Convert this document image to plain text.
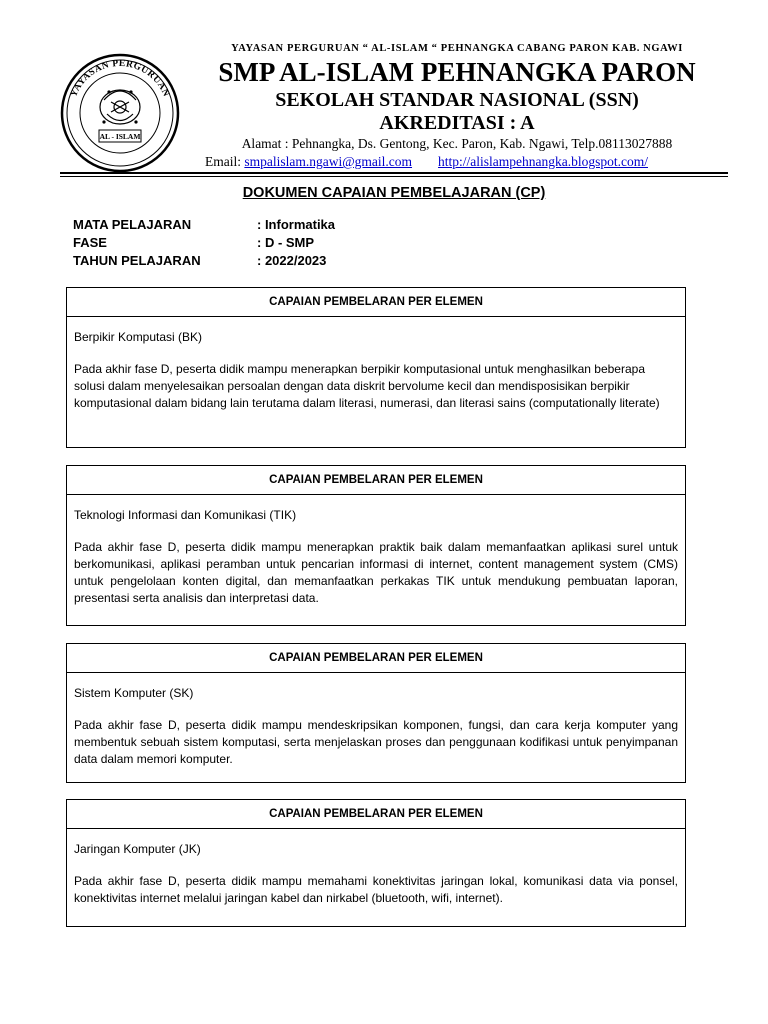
YAYASAN PERGURUAN
AL - ISLAM
YAYASAN PERGURUAN “ AL-ISLAM “ PEHNANGKA CABANG PARON KAB. NGAWI
SMP AL-ISLAM PEHNANGKA PARON
SEKOLAH STANDAR NASIONAL (SSN)
AKREDITASI : A
Alamat : Pehnangka, Ds. Gentong, Kec. Paron, Kab. Ngawi, Telp.08113027888
Email: smpalislam.ngawi@gmail.com http://alislampehnangka.blogspot.com/
DOKUMEN CAPAIAN PEMBELAJARAN (CP)
MATA PELAJARAN	: Informatika
FASE	: D - SMP
TAHUN PELAJARAN	: 2022/2023
CAPAIAN PEMBELARAN PER ELEMEN

Berpikir Komputasi (BK)

Pada akhir fase D, peserta didik mampu menerapkan berpikir komputasional untuk menghasilkan beberapa solusi dalam menyelesaikan persoalan dengan data diskrit bervolume kecil dan mendisposisikan berpikir komputasional dalam bidang lain terutama dalam literasi, numerasi, dan literasi sains (computationally literate)

CAPAIAN PEMBELARAN PER ELEMEN

Teknologi Informasi dan Komunikasi (TIK)

Pada akhir fase D, peserta didik mampu menerapkan praktik baik dalam memanfaatkan aplikasi surel untuk berkomunikasi, aplikasi peramban untuk pencarian informasi di internet, content management system (CMS) untuk pengelolaan konten digital, dan memanfaatkan perkakas TIK untuk mendukung pembuatan laporan, presentasi serta analisis dan interpretasi data.

CAPAIAN PEMBELARAN PER ELEMEN

Sistem Komputer (SK)

Pada akhir fase D, peserta didik mampu mendeskripsikan komponen, fungsi, dan cara kerja komputer yang membentuk sebuah sistem komputasi, serta menjelaskan proses dan penggunaan kodifikasi untuk penyimpanan data dalam memori komputer.

CAPAIAN PEMBELARAN PER ELEMEN

Jaringan Komputer (JK)

Pada akhir fase D, peserta didik mampu memahami konektivitas jaringan lokal, komunikasi data via ponsel, konektivitas internet melalui jaringan kabel dan nirkabel (bluetooth, wifi, internet).
